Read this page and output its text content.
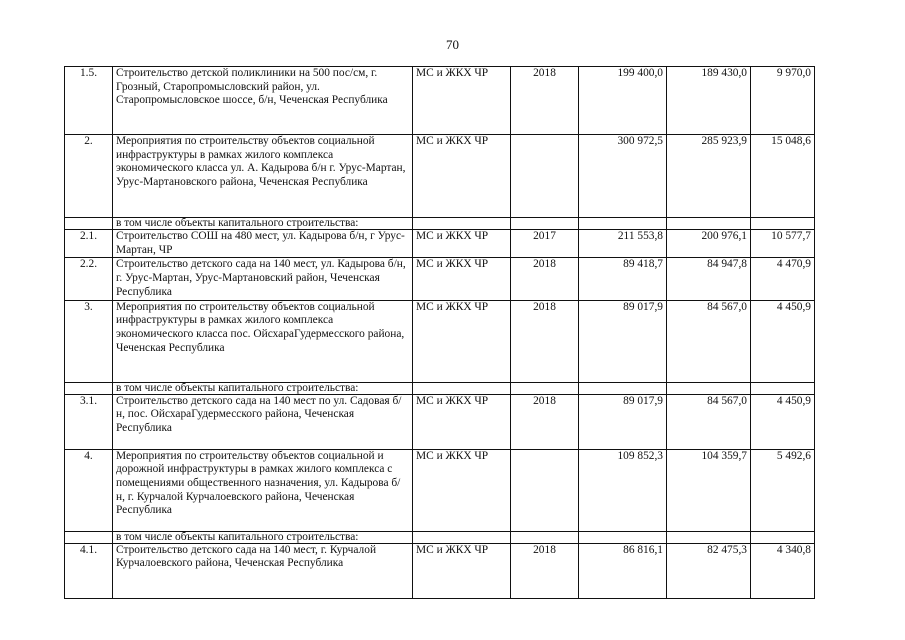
70
1.5.	Строительство детской поликлиники на 500 пос/см, г. Грозный, Старопромысловский район, ул. Старопромысловское шоссе, б/н, Чеченская Республика	МС и ЖКХ ЧР	2018	199 400,0	189 430,0	9 970,0
2.	Мероприятия по строительству объектов социальной инфраструктуры в рамках жилого комплекса экономического класса ул. А. Кадырова б/н г. Урус-Мартан, Урус-Мартановского района, Чеченская Республика	МС и ЖКХ ЧР		300 972,5	285 923,9	15 048,6
	в том числе объекты капитального строительства:					
2.1.	Строительство СОШ на 480 мест, ул. Кадырова б/н, г Урус-Мартан, ЧР	МС и ЖКХ ЧР	2017	211 553,8	200 976,1	10 577,7
2.2.	Строительство детского сада на 140 мест, ул. Кадырова б/н, г. Урус-Мартан, Урус-Мартановский район, Чеченская Республика	МС и ЖКХ ЧР	2018	89 418,7	84 947,8	4 470,9
3.	Мероприятия по строительству объектов социальной инфраструктуры в рамках жилого комплекса экономического класса пос. ОйсхараГудермесского района, Чеченская Республика	МС и ЖКХ ЧР	2018	89 017,9	84 567,0	4 450,9
	в том числе объекты капитального строительства:					
3.1.	Строительство детского сада на 140 мест по ул. Садовая б/н, пос. ОйсхараГудермесского района, Чеченская Республика	МС и ЖКХ ЧР	2018	89 017,9	84 567,0	4 450,9
4.	Мероприятия по строительству объектов социальной и дорожной инфраструктуры в рамках жилого комплекса с помещениями общественного назначения, ул. Кадырова б/н, г. Курчалой Курчалоевского района, Чеченская Республика	МС и ЖКХ ЧР		109 852,3	104 359,7	5 492,6
	в том числе объекты капитального строительства:					
4.1.	Строительство детского сада на 140 мест, г. Курчалой Курчалоевского района, Чеченская Республика	МС и ЖКХ ЧР	2018	86 816,1	82 475,3	4 340,8
